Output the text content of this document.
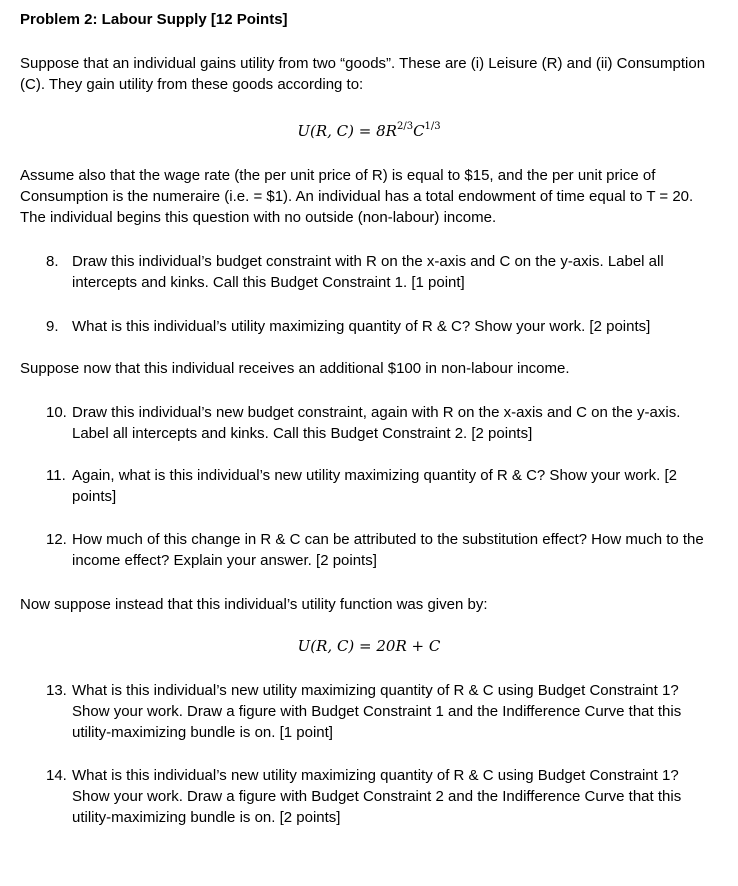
Problem 2: Labour Supply [12 Points]

Suppose that an individual gains utility from two “goods”. These are (i) Leisure (R) and (ii) Consumption (C). They gain utility from these goods according to:

U(R, $C) = 8R^{2/3}C^{1/3}$

Assume also that the wage rate (the per unit price of R) is equal to $15, and the per unit price of Consumption is the numeraire (i.e. = $1). An individual has a total endowment of time equal to T = 20. The individual begins this question with no outside (non-labour) income.

8. Draw this individual’s budget constraint with R on the x-axis and C on the y-axis. Label all intercepts and kinks. Call this Budget Constraint 1. [1 point]
9. What is this individual’s utility maximizing quantity of R & C? Show your work. [2 points]

Suppose now that this individual receives an additional $100 in non-labour income.

10. Draw this individual’s new budget constraint, again with R on the x-axis and C on the y-axis. Label all intercepts and kinks. Call this Budget Constraint 2. [2 points]
11. Again, what is this individual’s new utility maximizing quantity of R & C? Show your work. [2 points]
12. How much of this change in R & C can be attributed to the substitution effect? How much to the income effect? Explain your answer. [2 points]

Now suppose instead that this individual’s utility function was given by:

U(R, C) = 20R + C

13. What is this individual’s new utility maximizing quantity of R & C using Budget Constraint 1? Show your work. Draw a figure with Budget Constraint 1 and the Indifference Curve that this utility-maximizing bundle is on. [1 point]
14. What is this individual’s new utility maximizing quantity of R & C using Budget Constraint 1? Show your work. Draw a figure with Budget Constraint 2 and the Indifference Curve that this utility-maximizing bundle is on. [2 points]
